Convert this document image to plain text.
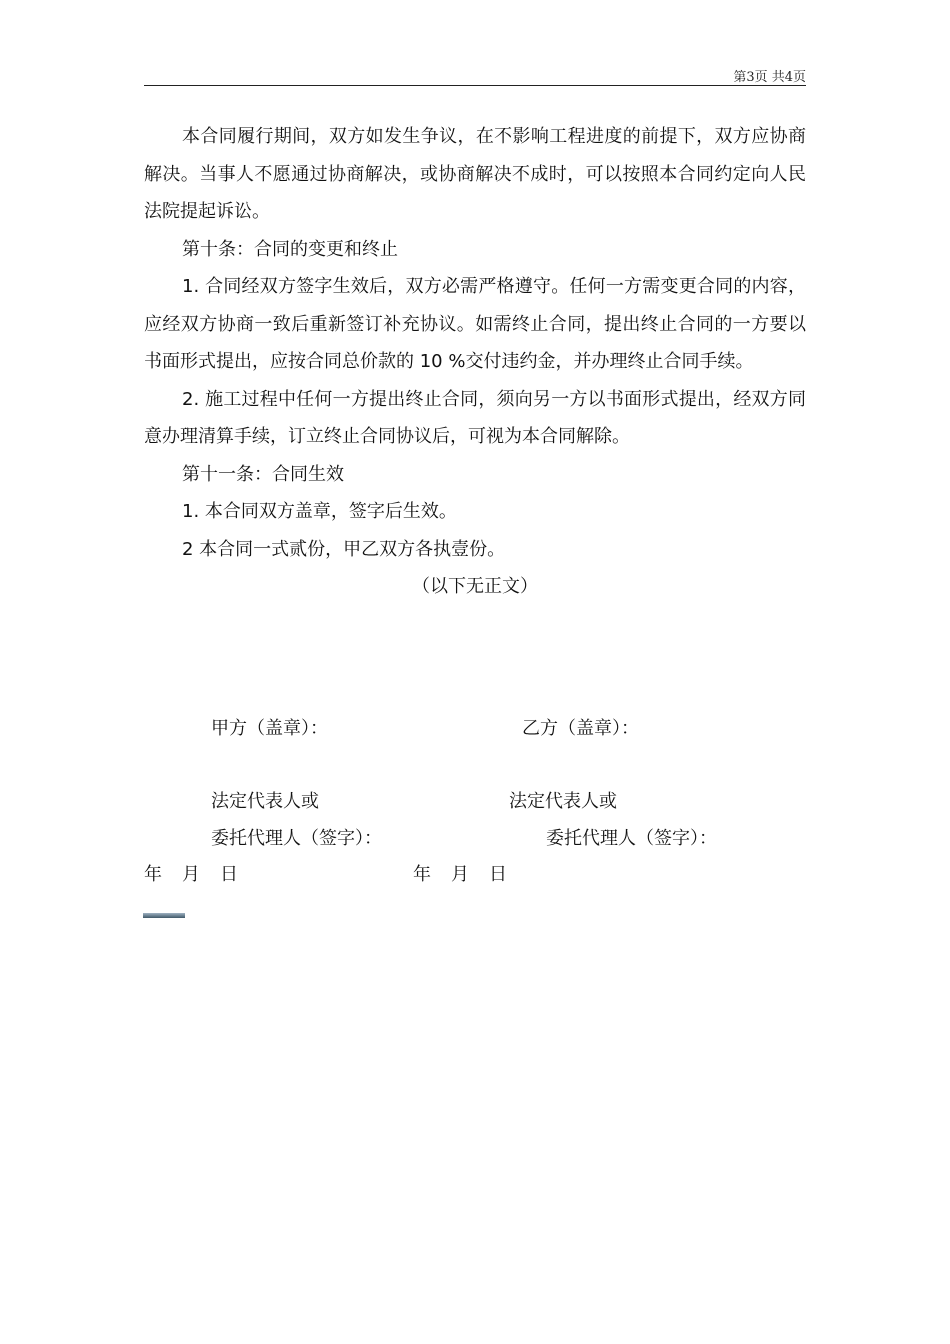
第3页 共4页

本合同履行期间，双方如发生争议，在不影响工程进度的前提下，双方应协商解决。当事人不愿通过协商解决，或协商解决不成时，可以按照本合同约定向人民法院提起诉讼。

第十条：合同的变更和终止

1. 合同经双方签字生效后，双方必需严格遵守。任何一方需变更合同的内容，应经双方协商一致后重新签订补充协议。如需终止合同，提出终止合同的一方要以书面形式提出，应按合同总价款的 10 %交付违约金，并办理终止合同手续。

2. 施工过程中任何一方提出终止合同，须向另一方以书面形式提出，经双方同意办理清算手续，订立终止合同协议后，可视为本合同解除。

第十一条：合同生效

1. 本合同双方盖章，签字后生效。

2 本合同一式贰份，甲乙双方各执壹份。

（以下无正文）

甲方（盖章）：	乙方（盖章）：
法定代表人或	法定代表人或
委托代理人（签字）：	委托代理人（签字）：
年 月 日	年 月 日
